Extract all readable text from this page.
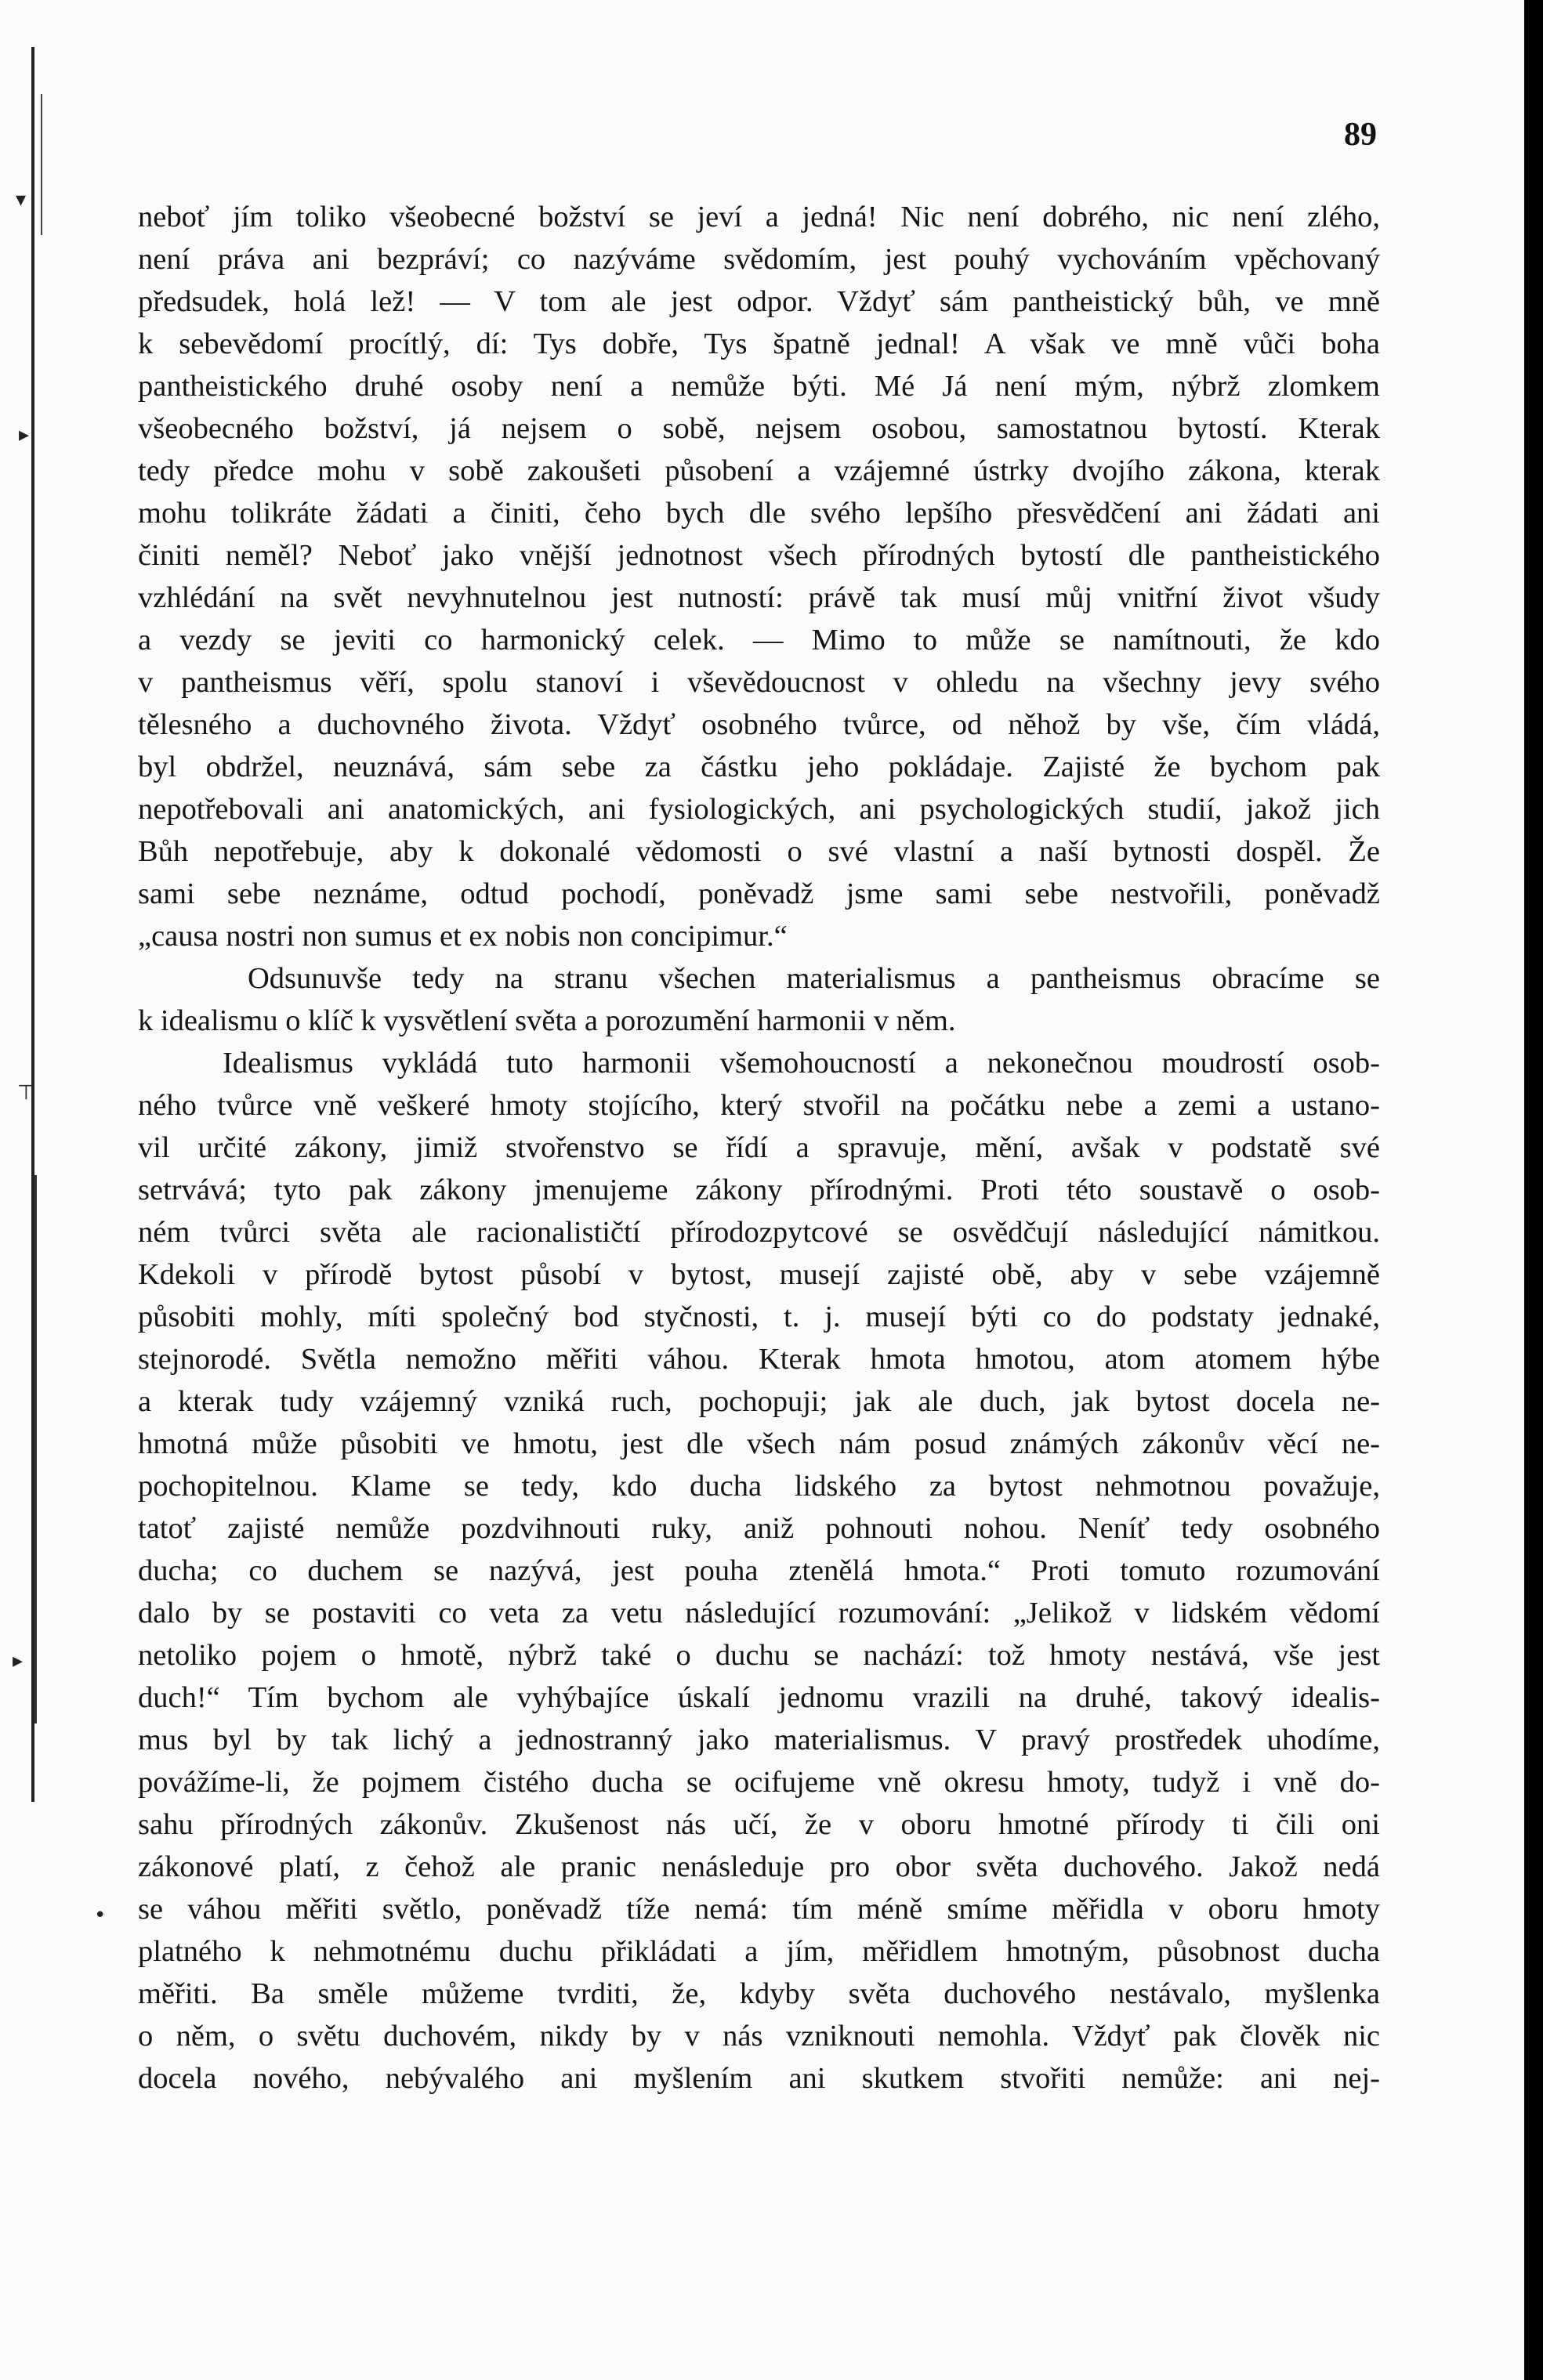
▾
▸
⊤
▸
•
89
neboť jím toliko všeobecné božství se jeví a jedná! Nic není dobrého, nic není zlého,
není práva ani bezpráví; co nazýváme svědomím, jest pouhý vychováním vpěchovaný
předsudek, holá lež! — V tom ale jest odpor. Vždyť sám pantheistický bůh, ve mně
k sebevědomí procítlý, dí: Tys dobře, Tys špatně jednal! A však ve mně vůči boha
pantheistického druhé osoby není a nemůže býti. Mé Já není mým, nýbrž zlomkem
všeobecného božství, já nejsem o sobě, nejsem osobou, samostatnou bytostí. Kterak
tedy předce mohu v sobě zakoušeti působení a vzájemné ústrky dvojího zákona, kterak
mohu tolikráte žádati a činiti, čeho bych dle svého lepšího přesvědčení ani žádati ani
činiti neměl? Neboť jako vnější jednotnost všech přírodných bytostí dle pantheistického
vzhlédání na svět nevyhnutelnou jest nutností: právě tak musí můj vnitřní život všudy
a vezdy se jeviti co harmonický celek. — Mimo to může se namítnouti, že kdo
v pantheismus věří, spolu stanoví i vševědoucnost v ohledu na všechny jevy svého
tělesného a duchovného života. Vždyť osobného tvůrce, od něhož by vše, čím vládá,
byl obdržel, neuznává, sám sebe za částku jeho pokládaje. Zajisté že bychom pak
nepotřebovali ani anatomických, ani fysiologických, ani psychologických studií, jakož jich
Bůh nepotřebuje, aby k dokonalé vědomosti o své vlastní a naší bytnosti dospěl. Že
sami sebe neznáme, odtud pochodí, poněvadž jsme sami sebe nestvořili, poněvadž
„causa nostri non sumus et ex nobis non concipimur.“
Odsunuvše tedy na stranu všechen materialismus a pantheismus obracíme se
k idealismu o klíč k vysvětlení světa a porozumění harmonii v něm.
Idealismus vykládá tuto harmonii všemohoucností a nekonečnou moudrostí osob-
ného tvůrce vně veškeré hmoty stojícího, který stvořil na počátku nebe a zemi a ustano-
vil určité zákony, jimiž stvořenstvo se řídí a spravuje, mění, avšak v podstatě své
setrvává; tyto pak zákony jmenujeme zákony přírodnými. Proti této soustavě o osob-
ném tvůrci světa ale racionalističtí přírodozpytcové se osvědčují následující námitkou.
Kdekoli v přírodě bytost působí v bytost, musejí zajisté obě, aby v sebe vzájemně
působiti mohly, míti společný bod styčnosti, t. j. musejí býti co do podstaty jednaké,
stejnorodé. Světla nemožno měřiti váhou. Kterak hmota hmotou, atom atomem hýbe
a kterak tudy vzájemný vzniká ruch, pochopuji; jak ale duch, jak bytost docela ne-
hmotná může působiti ve hmotu, jest dle všech nám posud známých zákonův věcí ne-
pochopitelnou. Klame se tedy, kdo ducha lidského za bytost nehmotnou považuje,
tatoť zajisté nemůže pozdvihnouti ruky, aniž pohnouti nohou. Neníť tedy osobného
ducha; co duchem se nazývá, jest pouha ztenělá hmota.“ Proti tomuto rozumování
dalo by se postaviti co veta za vetu následující rozumování: „Jelikož v lidském vědomí
netoliko pojem o hmotě, nýbrž také o duchu se nachází: tož hmoty nestává, vše jest
duch!“ Tím bychom ale vyhýbajíce úskalí jednomu vrazili na druhé, takový idealis-
mus byl by tak lichý a jednostranný jako materialismus. V pravý prostředek uhodíme,
povážíme-li, že pojmem čistého ducha se ocifujeme vně okresu hmoty, tudyž i vně do-
sahu přírodných zákonův. Zkušenost nás učí, že v oboru hmotné přírody ti čili oni
zákonové platí, z čehož ale pranic nenásleduje pro obor světa duchového. Jakož nedá
se váhou měřiti světlo, poněvadž tíže nemá: tím méně smíme měřidla v oboru hmoty
platného k nehmotnému duchu přikládati a jím, měřidlem hmotným, působnost ducha
měřiti. Ba směle můžeme tvrditi, že, kdyby světa duchového nestávalo, myšlenka
o něm, o světu duchovém, nikdy by v nás vzniknouti nemohla. Vždyť pak člověk nic
docela nového, nebývalého ani myšlením ani skutkem stvořiti nemůže: ani nej-
